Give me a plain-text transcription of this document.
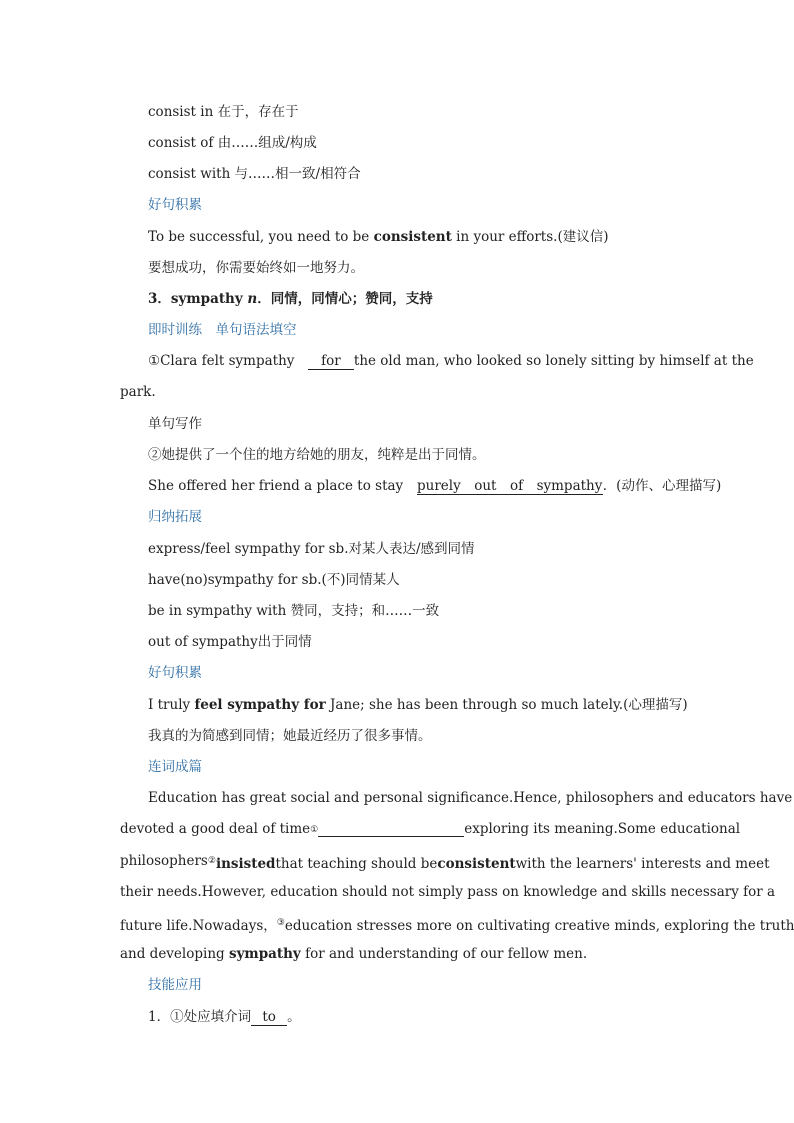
consist in 在于，存在于
consist of 由……组成/构成
consist with 与……相一致/相符合
好句积累
To be successful, you need to be consistent in your efforts.(建议信)
要想成功，你需要始终如一地努力。
3．sympathy n．同情，同情心；赞同，支持
即时训练　单句语法填空
①Clara felt sympathy　 for the old man, who looked so lonely sitting by himself at the
park.
单句写作
②她提供了一个住的地方给她的朋友，纯粹是出于同情。
She offered her friend a place to stay　 purely　out　of　sympathy．(动作、心理描写)
归纳拓展
express/feel sympathy for sb.对某人表达/感到同情
have(no)sympathy for sb.(不)同情某人
be in sympathy with 赞同，支持；和……一致
out of sympathy出于同情
好句积累
I truly feel sympathy for Jane; she has been through so much lately.(心理描写)
我真的为简感到同情；她最近经历了很多事情。
连词成篇
Education has great social and personal significance.Hence, philosophers and educators have
devoted a good deal of time ①	exploring its meaning.Some educational
philosophers ②insistedthat teaching should beconsistentwith the learners' interests and meet
their needs.However, education should not simply pass on knowledge and skills necessary for a
future life.Nowadays，③education stresses more on cultivating creative minds, exploring the truth
and developing sympathy for and understanding of our fellow men.
技能应用
1．①处应填介词 to 。
